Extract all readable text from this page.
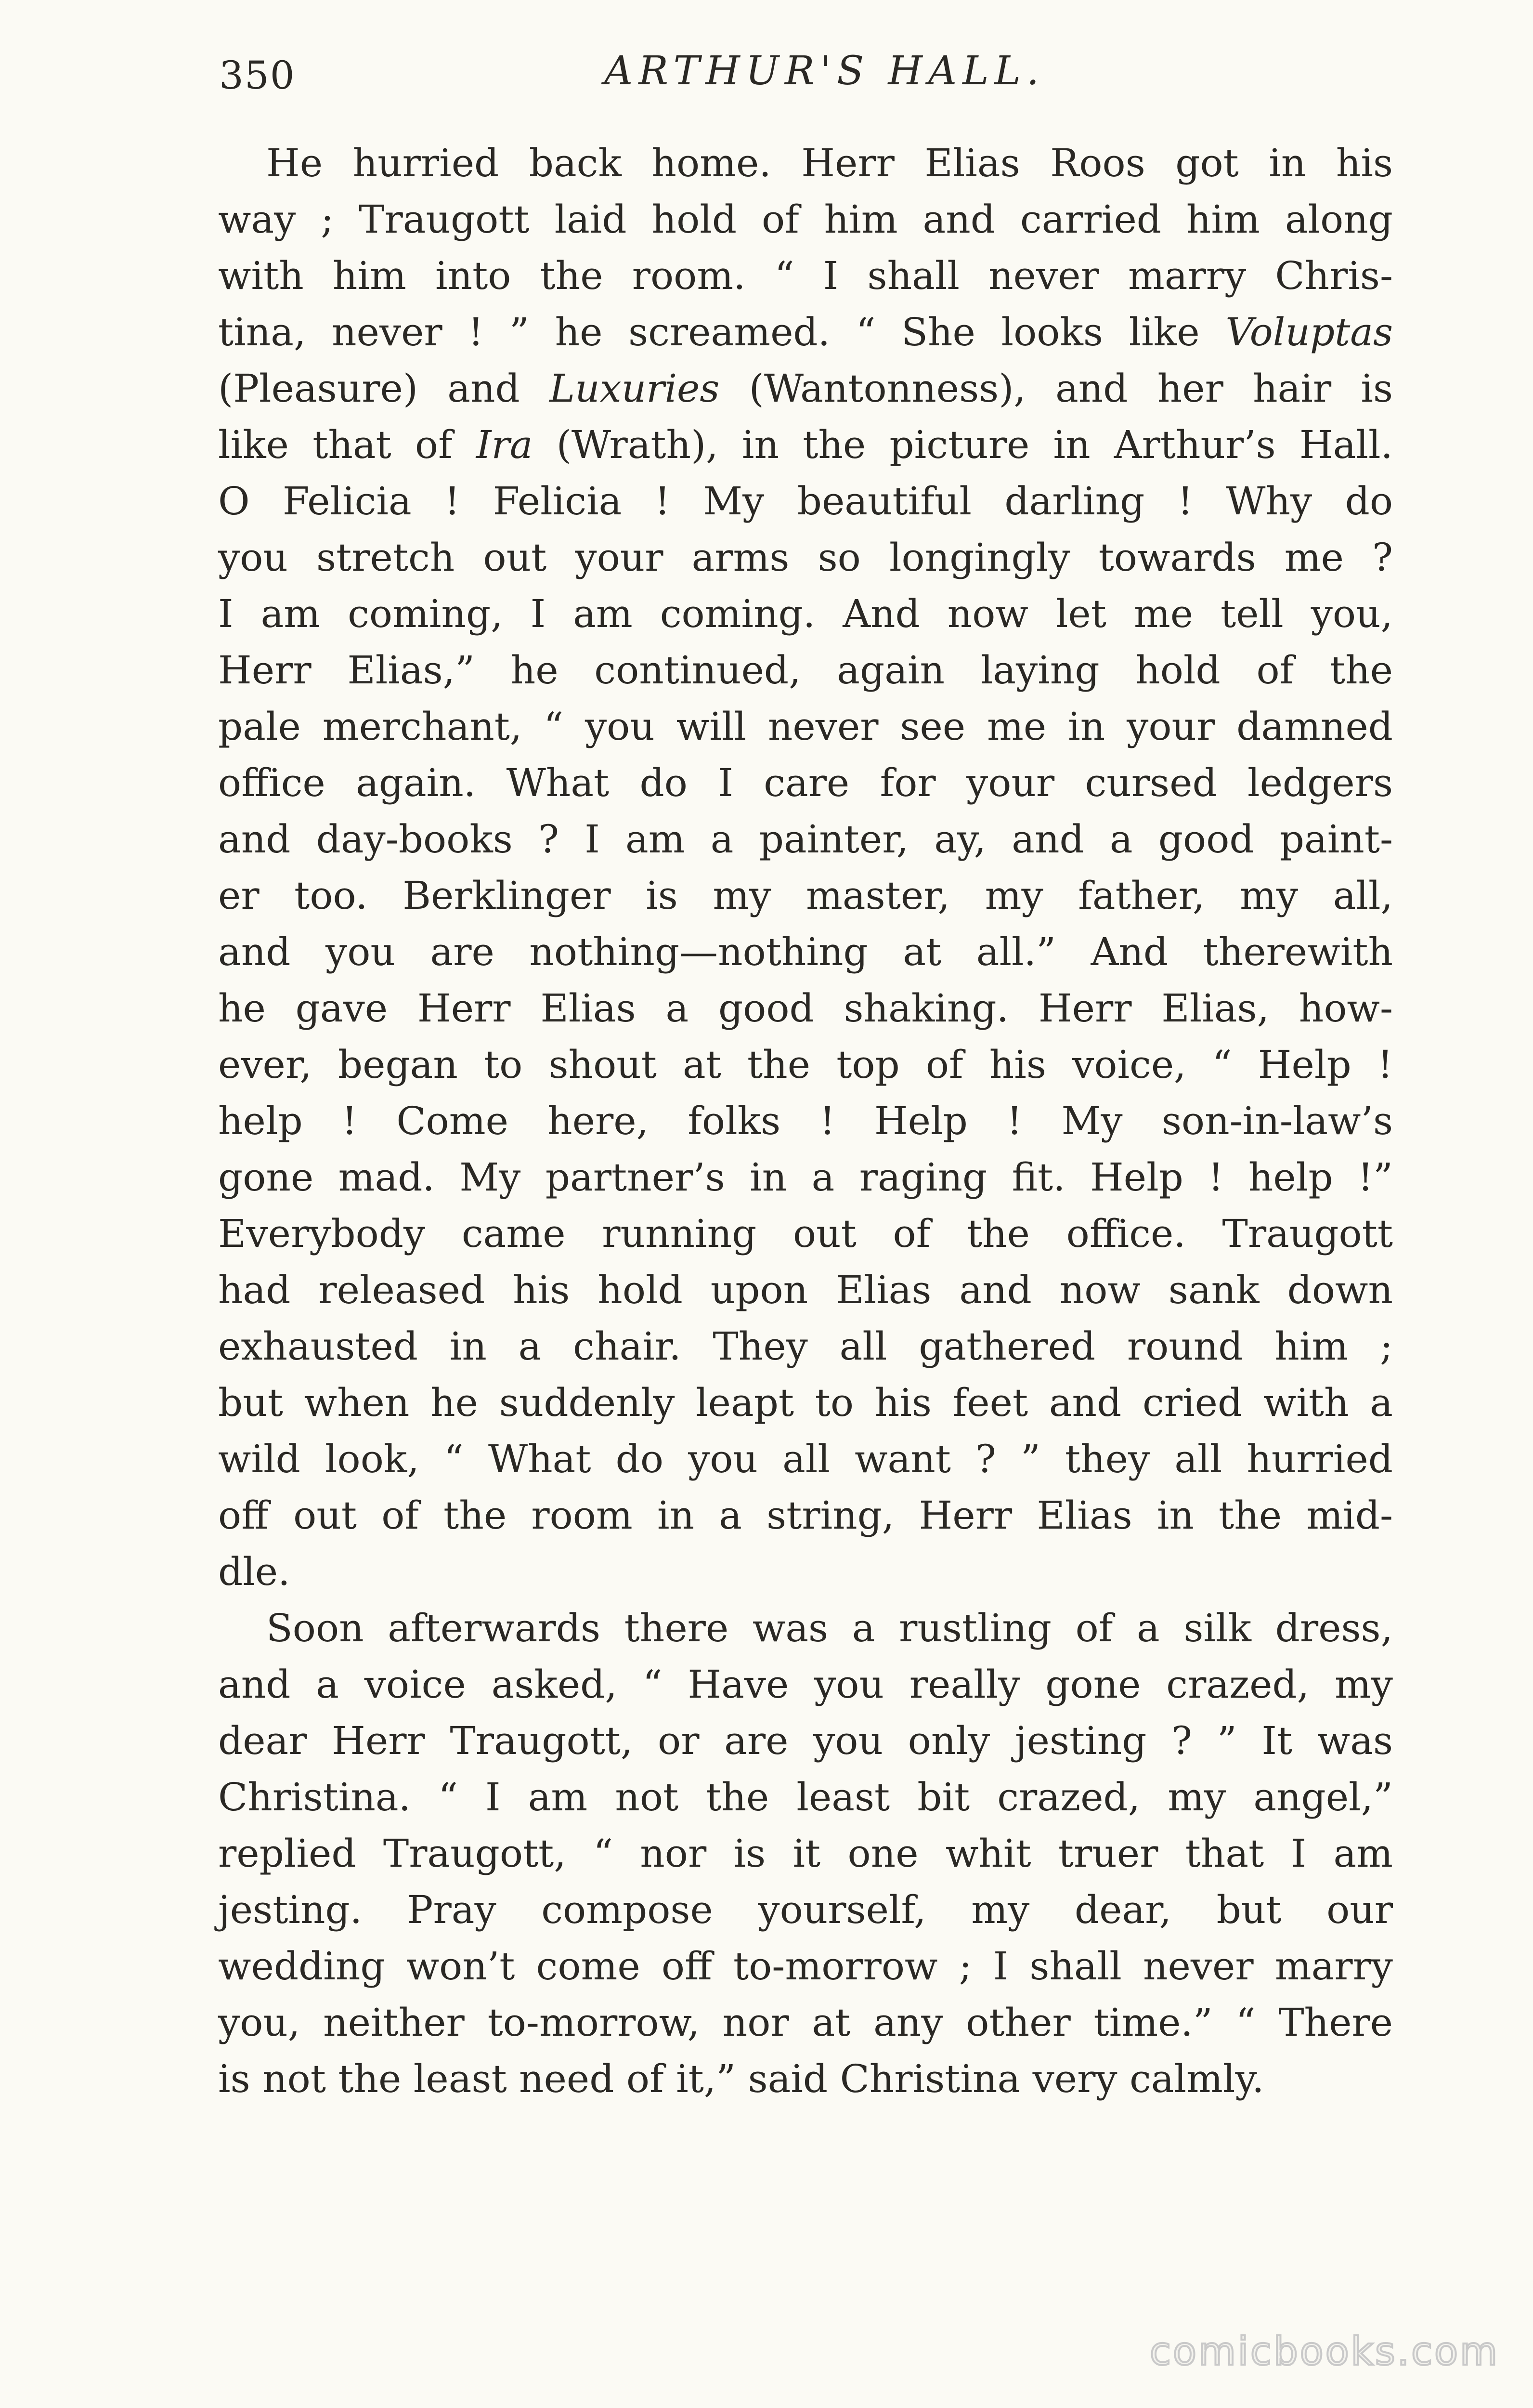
350	ARTHUR'S HALL.
He hurried back home. Herr Elias Roos got in his
way ; Traugott laid hold of him and carried him along
with him into the room. “ I shall never marry Chris-
tina, never ! ” he screamed. “ She looks like Voluptas
(Pleasure) and Luxuries (Wantonness), and her hair is
like that of Ira (Wrath), in the picture in Arthur’s Hall.
O Felicia ! Felicia ! My beautiful darling ! Why do
you stretch out your arms so longingly towards me ?
I am coming, I am coming. And now let me tell you,
Herr Elias,” he continued, again laying hold of the
pale merchant, “ you will never see me in your damned
office again. What do I care for your cursed ledgers
and day-books ? I am a painter, ay, and a good paint-
er too. Berklinger is my master, my father, my all,
and you are nothing—nothing at all.” And therewith
he gave Herr Elias a good shaking. Herr Elias, how-
ever, began to shout at the top of his voice, “ Help !
help ! Come here, folks ! Help ! My son-in-law’s
gone mad. My partner’s in a raging fit. Help ! help !”
Everybody came running out of the office. Traugott
had released his hold upon Elias and now sank down
exhausted in a chair. They all gathered round him ;
but when he suddenly leapt to his feet and cried with a
wild look, “ What do you all want ? ” they all hurried
off out of the room in a string, Herr Elias in the mid-
dle.
Soon afterwards there was a rustling of a silk dress,
and a voice asked, “ Have you really gone crazed, my
dear Herr Traugott, or are you only jesting ? ” It was
Christina. “ I am not the least bit crazed, my angel,”
replied Traugott, “ nor is it one whit truer that I am
jesting. Pray compose yourself, my dear, but our
wedding won’t come off to-morrow ; I shall never marry
you, neither to-morrow, nor at any other time.” “ There
is not the least need of it,” said Christina very calmly.
comicbooks.com
